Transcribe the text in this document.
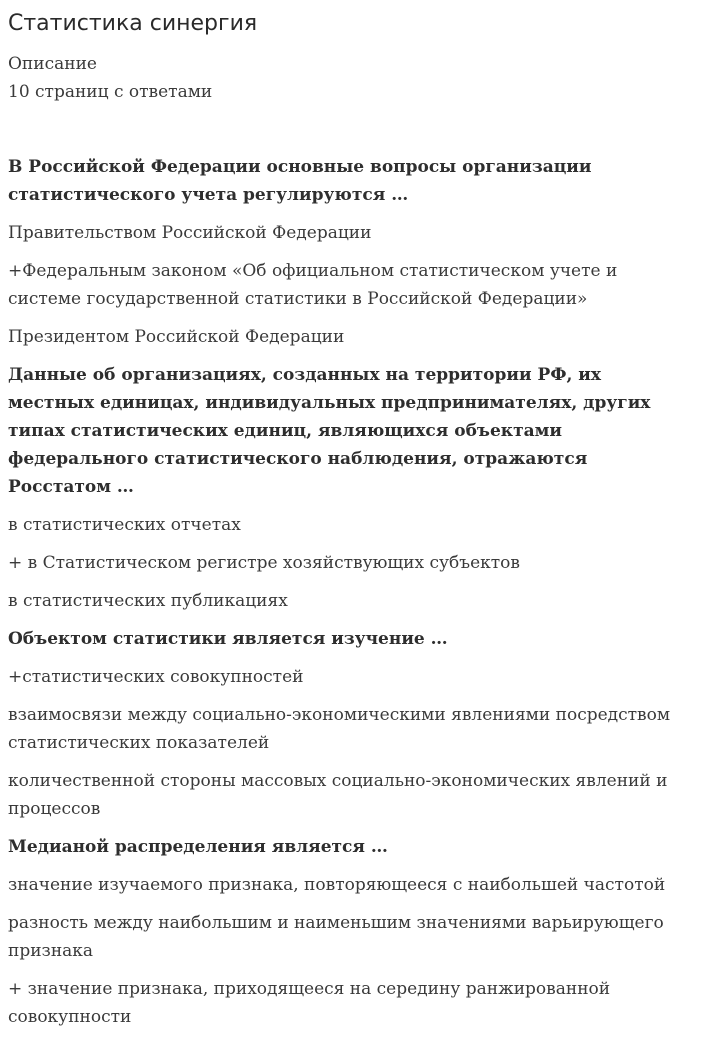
Статистика синергия

Описание

10 страниц с ответами

В Российской Федерации основные вопросы организации статистического учета регулируются …

Правительством Российской Федерации

+Федеральным законом «Об официальном статистическом учете и системе государственной статистики в Российской Федерации»

Президентом Российской Федерации

Данные об организациях, созданных на территории РФ, их местных единицах, индивидуальных предпринимателях, других типах статистических единиц, являющихся объектами федерального статистического наблюдения, отражаются Росстатом …

в статистических отчетах

+ в Статистическом регистре хозяйствующих субъектов

в статистических публикациях

Объектом статистики является изучение …

+статистических совокупностей

взаимосвязи между социально-экономическими явлениями посредством статистических показателей

количественной стороны массовых социально-экономических явлений и процессов

Медианой распределения является …

значение изучаемого признака, повторяющееся с наибольшей частотой

разность между наибольшим и наименьшим значениями варьирующего признака

+ значение признака, приходящееся на середину ранжированной совокупности
